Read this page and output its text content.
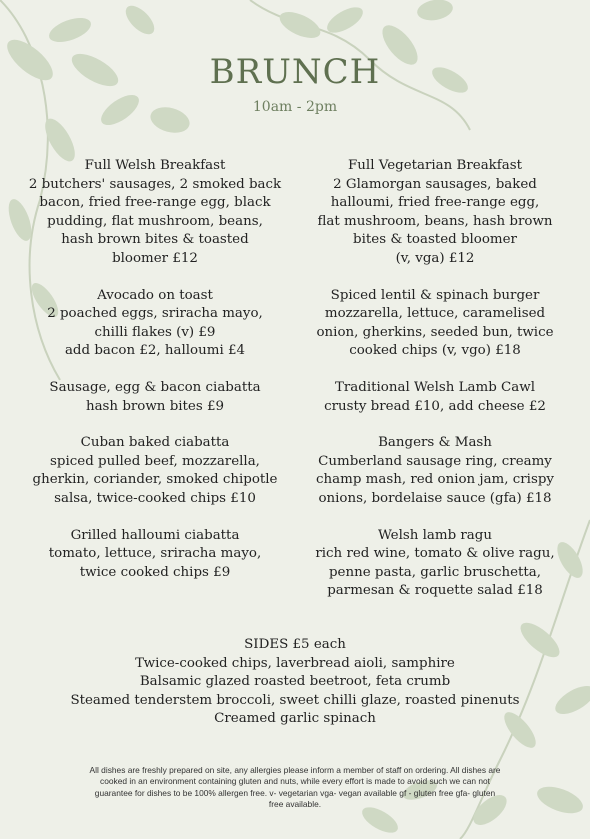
BRUNCH
10am - 2pm
Full Welsh Breakfast
2 butchers' sausages, 2 smoked back
bacon, fried free-range egg, black
pudding, flat mushroom, beans,
hash brown bites & toasted
bloomer £12
Avocado on toast
2 poached eggs, sriracha mayo,
chilli flakes (v) £9
add bacon £2, halloumi £4
Sausage, egg & bacon ciabatta
hash brown bites £9
Cuban baked ciabatta
spiced pulled beef, mozzarella,
gherkin, coriander, smoked chipotle
salsa, twice-cooked chips £10
Grilled halloumi ciabatta
tomato, lettuce, sriracha mayo,
twice cooked chips £9
Full Vegetarian Breakfast
2 Glamorgan sausages, baked
halloumi, fried free-range egg,
flat mushroom, beans, hash brown
bites & toasted bloomer
(v, vga) £12
Spiced lentil & spinach burger
mozzarella, lettuce, caramelised
onion, gherkins, seeded bun, twice
cooked chips (v, vgo) £18
Traditional Welsh Lamb Cawl
crusty bread £10, add cheese £2
Bangers & Mash
Cumberland sausage ring, creamy
champ mash, red onion jam, crispy
onions, bordelaise sauce (gfa) £18
Welsh lamb ragu
rich red wine, tomato & olive ragu,
penne pasta, garlic bruschetta,
parmesan & roquette salad £18
SIDES £5 each
Twice-cooked chips, laverbread aioli, samphire
Balsamic glazed roasted beetroot, feta crumb
Steamed tenderstem broccoli, sweet chilli glaze, roasted pinenuts
Creamed garlic spinach
All dishes are freshly prepared on site, any allergies please inform a member of staff on ordering. All dishes are
cooked in an environment containing gluten and nuts, while every effort is made to avoid such we can not
guarantee for dishes to be 100% allergen free. v- vegetarian vga- vegan available gf - gluten free gfa- gluten
free available.
